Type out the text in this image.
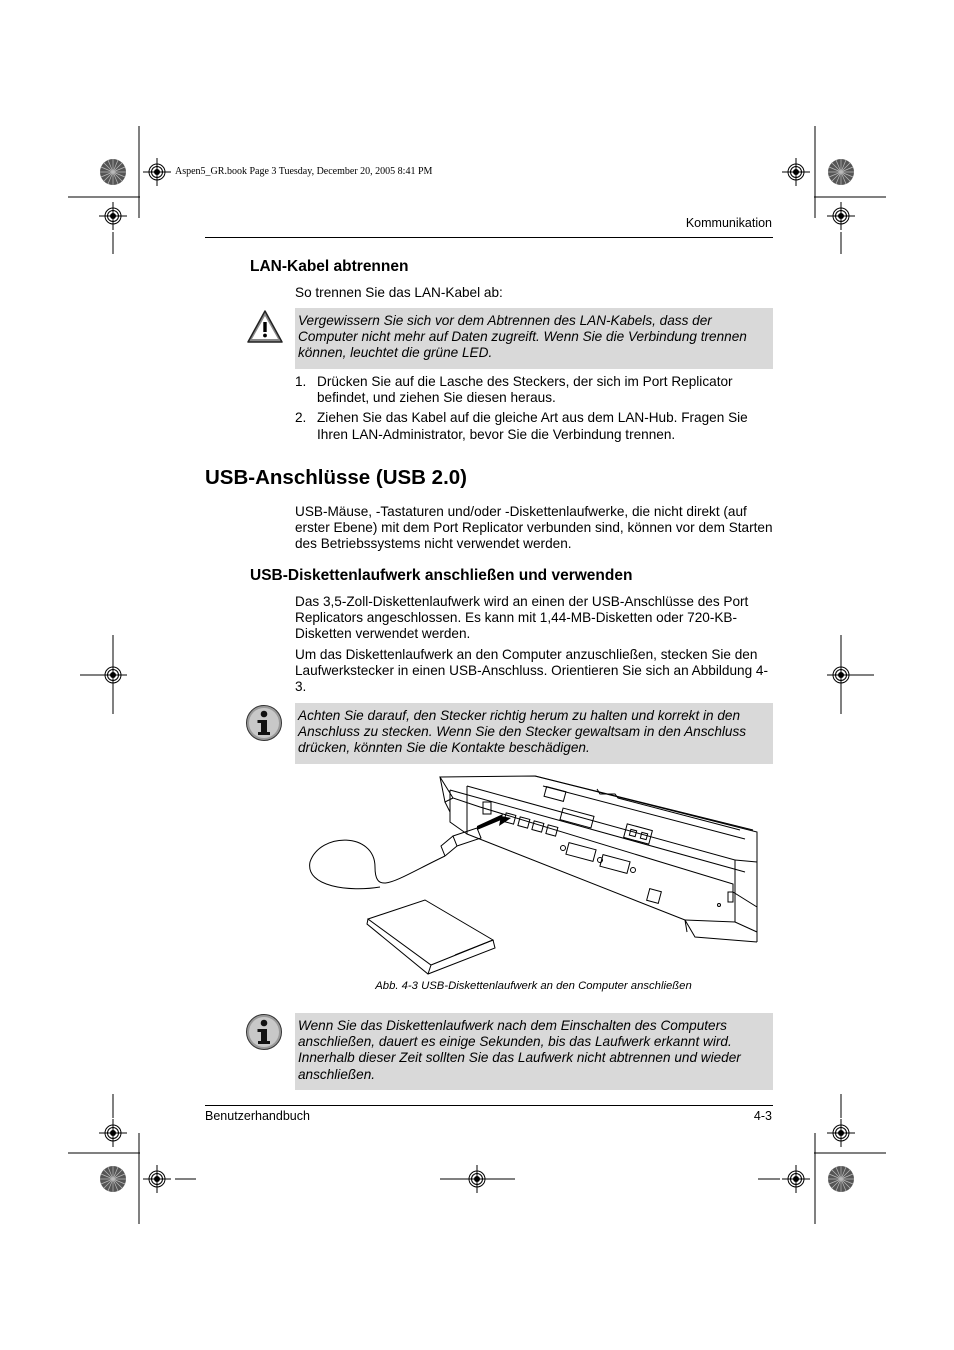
Aspen5_GR.book Page 3 Tuesday, December 20, 2005 8:41 PM
Kommunikation
LAN-Kabel abtrennen

So trennen Sie das LAN-Kabel ab:

Vergewissern Sie sich vor dem Abtrennen des LAN-Kabels, dass der Computer nicht mehr auf Daten zugreift. Wenn Sie die Verbindung trennen können, leuchtet die grüne LED.
1. Drücken Sie auf die Lasche des Steckers, der sich im Port Replicator befindet, und ziehen Sie diesen heraus.
2. Ziehen Sie das Kabel auf die gleiche Art aus dem LAN-Hub. Fragen Sie Ihren LAN-Administrator, bevor Sie die Verbindung trennen.
USB-Anschlüsse (USB 2.0)

USB-Mäuse, -Tastaturen und/oder -Diskettenlaufwerke, die nicht direkt (auf erster Ebene) mit dem Port Replicator verbunden sind, können vor dem Starten des Betriebssystems nicht verwendet werden.

USB-Diskettenlaufwerk anschließen und verwenden

Das 3,5-Zoll-Diskettenlaufwerk wird an einen der USB-Anschlüsse des Port Replicators angeschlossen. Es kann mit 1,44-MB-Disketten oder 720-KB-Disketten verwendet werden.

Um das Diskettenlaufwerk an den Computer anzuschließen, stecken Sie den Laufwerkstecker in einen USB-Anschluss. Orientieren Sie sich an Abbildung 4-3.

Achten Sie darauf, den Stecker richtig herum zu halten und korrekt in den Anschluss zu stecken. Wenn Sie den Stecker gewaltsam in den Anschluss drücken, könnten Sie die Kontakte beschädigen.
Abb. 4-3 USB-Diskettenlaufwerk an den Computer anschließen
Wenn Sie das Diskettenlaufwerk nach dem Einschalten des Computers anschließen, dauert es einige Sekunden, bis das Laufwerk erkannt wird. Innerhalb dieser Zeit sollten Sie das Laufwerk nicht abtrennen und wieder anschließen.
Benutzerhandbuch	4-3
